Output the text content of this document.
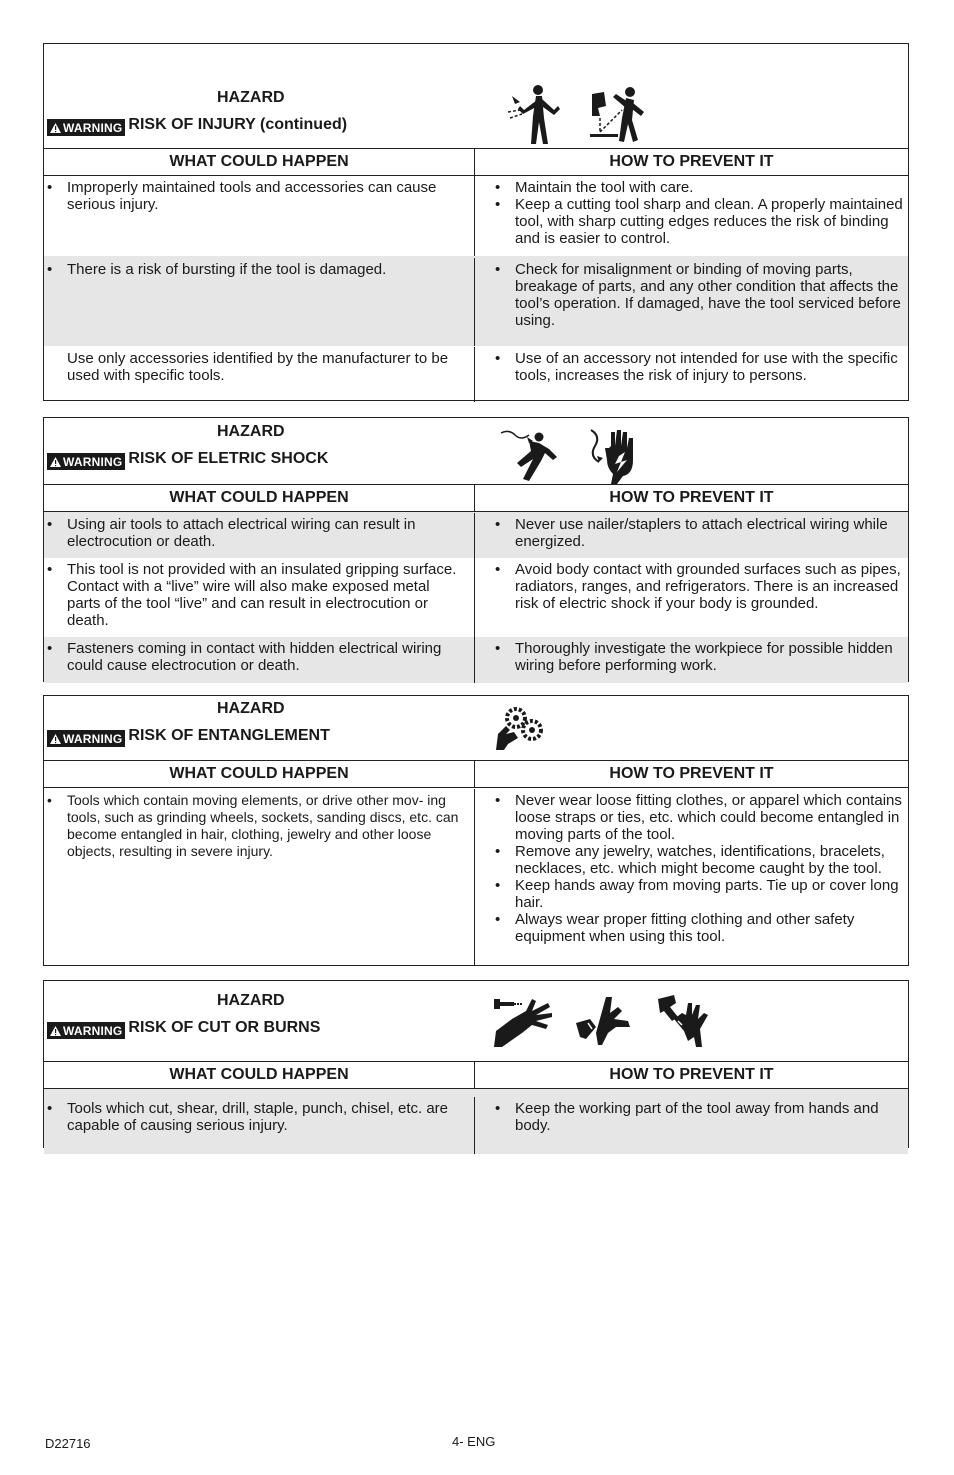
HAZARD
WARNING RISK OF INJURY (continued)
WHAT COULD HAPPEN	HOW TO PREVENT IT
• Improperly maintained tools and accessories can cause serious injury.
• Maintain the tool with care.
• Keep a cutting tool sharp and clean. A properly maintained tool, with sharp cutting edges reduces the risk of binding and is easier to control.
• There is a risk of bursting if the tool is damaged.
•	Check for misalignment or binding of moving parts, breakage of parts, and any other condition that affects the tool’s operation. If damaged, have the tool serviced before using.
Use only accessories identified by the manufacturer to be used with specific tools.
• Use of an accessory not intended for use with the specific tools, increases the risk of injury to persons.
HAZARD
WARNING RISK OF ELETRIC SHOCK
WHAT COULD HAPPEN	HOW TO PREVENT IT
• Using air tools to attach electrical wiring can result in electrocution or death.
• Never use nailer/staplers to attach electrical wiring while energized.
• This tool is not provided with an insulated gripping surface. Contact with a “live” wire will also make exposed metal parts of the tool “live” and can result in electrocution or death.
• Avoid body contact with grounded surfaces such as pipes, radiators, ranges, and refrigerators. There is an increased risk of electric shock if your body is grounded.
• Fasteners coming in contact with hidden electrical wiring could cause electrocution or death.
• Thoroughly investigate the workpiece for possible hidden wiring before performing work.
HAZARD
WARNING RISK OF ENTANGLEMENT
WHAT COULD HAPPEN	HOW TO PREVENT IT
• Tools which contain moving elements, or drive other mov- ing tools, such as grinding wheels, sockets, sanding discs, etc. can become entangled in hair, clothing, jewelry and other loose objects, resulting in severe injury.
• Never wear loose fitting clothes, or apparel which contains loose straps or ties, etc. which could become entangled in moving parts of the tool.
• Remove any jewelry, watches, identifications, bracelets, necklaces, etc. which might become caught by the tool.
• Keep hands away from moving parts. Tie up or cover long hair.
• Always wear proper fitting clothing and other safety equipment when using this tool.
HAZARD
WARNING RISK OF CUT OR BURNS
WHAT COULD HAPPEN	HOW TO PREVENT IT
• Tools which cut, shear, drill, staple, punch, chisel, etc. are capable of causing serious injury.
• Keep the working part of the tool away from hands and body.
D22716	4- ENG
